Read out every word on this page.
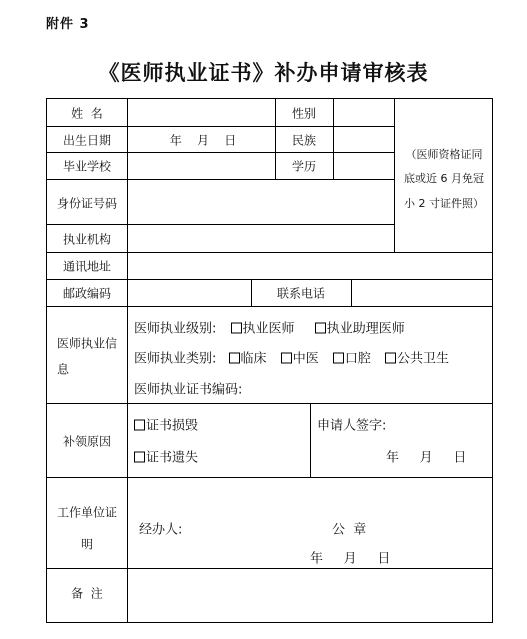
附件 3
《医师执业证书》补办申请审核表
姓  名	性别
出生日期	年    月    日	民族
毕业学校	学历
（医师资格证同
底或近 6 月免冠
小 2 寸证件照）
身份证号码
执业机构
通讯地址
邮政编码	联系电话
医师执业信
息
医师执业级别: 执业医师 执业助理医师
医师执业类别: 临床 中医 口腔 公共卫生
医师执业证书编码:
补领原因
证书损毁
证书遗失
申请人签字:
年     月     日
工作单位证
明
经办人:	公  章
年     月     日
备  注
